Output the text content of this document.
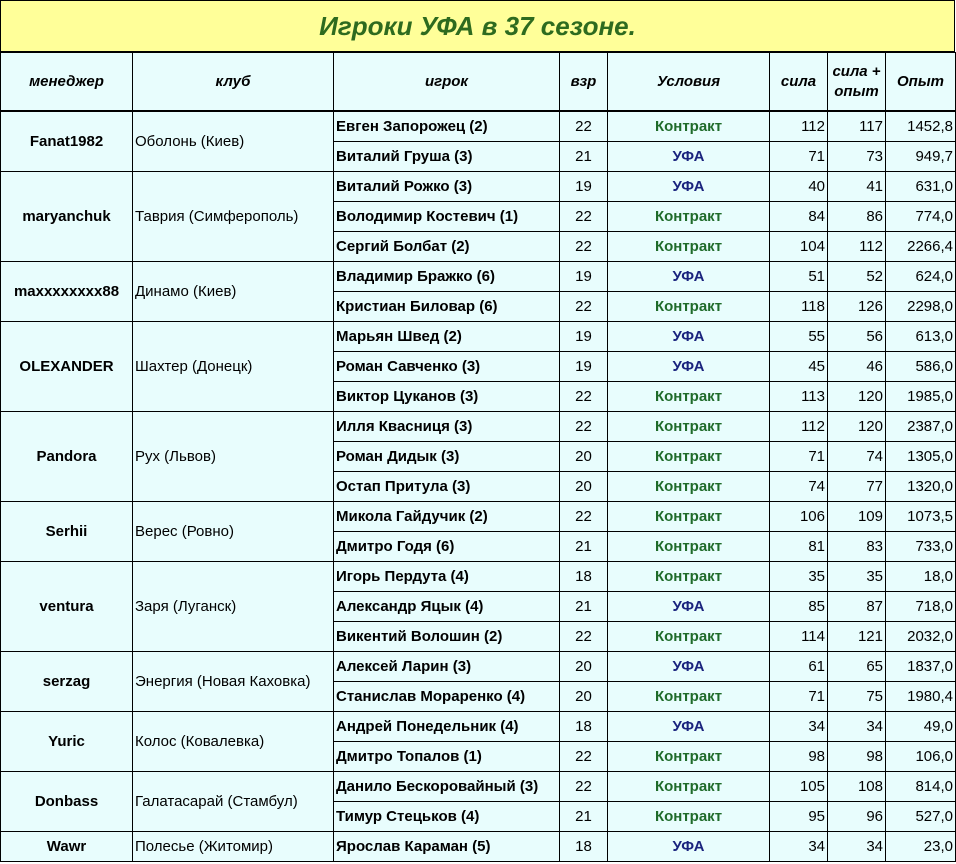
Игроки УФА в 37 сезоне.
менеджер	клуб	игрок	взр	Условия	сила	сила + опыт	Опыт
Fanat1982	Оболонь (Киев)	Евген Запорожец (2)	22	Контракт	112	117	1452,8
		Виталий Груша (3)	21	УФА	71	73	949,7
maryanchuk	Таврия (Симферополь)	Виталий Рожко (3)	19	УФА	40	41	631,0
		Володимир Костевич (1)	22	Контракт	84	86	774,0
		Сергий Болбат (2)	22	Контракт	104	112	2266,4
maxxxxxxxx88	Динамо (Киев)	Владимир Бражко (6)	19	УФА	51	52	624,0
		Кристиан Биловар (6)	22	Контракт	118	126	2298,0
OLEXANDER	Шахтер (Донецк)	Марьян Швед (2)	19	УФА	55	56	613,0
		Роман Савченко (3)	19	УФА	45	46	586,0
		Виктор Цуканов (3)	22	Контракт	113	120	1985,0
Pandora	Рух (Львов)	Илля Квасниця (3)	22	Контракт	112	120	2387,0
		Роман Дидык (3)	20	Контракт	71	74	1305,0
		Остап Притула (3)	20	Контракт	74	77	1320,0
Serhii	Верес (Ровно)	Микола Гайдучик (2)	22	Контракт	106	109	1073,5
		Дмитро Годя (6)	21	Контракт	81	83	733,0
ventura	Заря (Луганск)	Игорь Пердута (4)	18	Контракт	35	35	18,0
		Александр Яцык (4)	21	УФА	85	87	718,0
		Викентий Волошин (2)	22	Контракт	114	121	2032,0
serzag	Энергия (Новая Каховка)	Алексей Ларин (3)	20	УФА	61	65	1837,0
		Станислав Мораренко (4)	20	Контракт	71	75	1980,4
Yuric	Колос (Ковалевка)	Андрей Понедельник (4)	18	УФА	34	34	49,0
		Дмитро Топалов (1)	22	Контракт	98	98	106,0
Donbass	Галатасарай (Стамбул)	Данило Бескоровайный (3)	22	Контракт	105	108	814,0
		Тимур Стецьков (4)	21	Контракт	95	96	527,0
Wawr	Полесье (Житомир)	Ярослав Караман (5)	18	УФА	34	34	23,0
